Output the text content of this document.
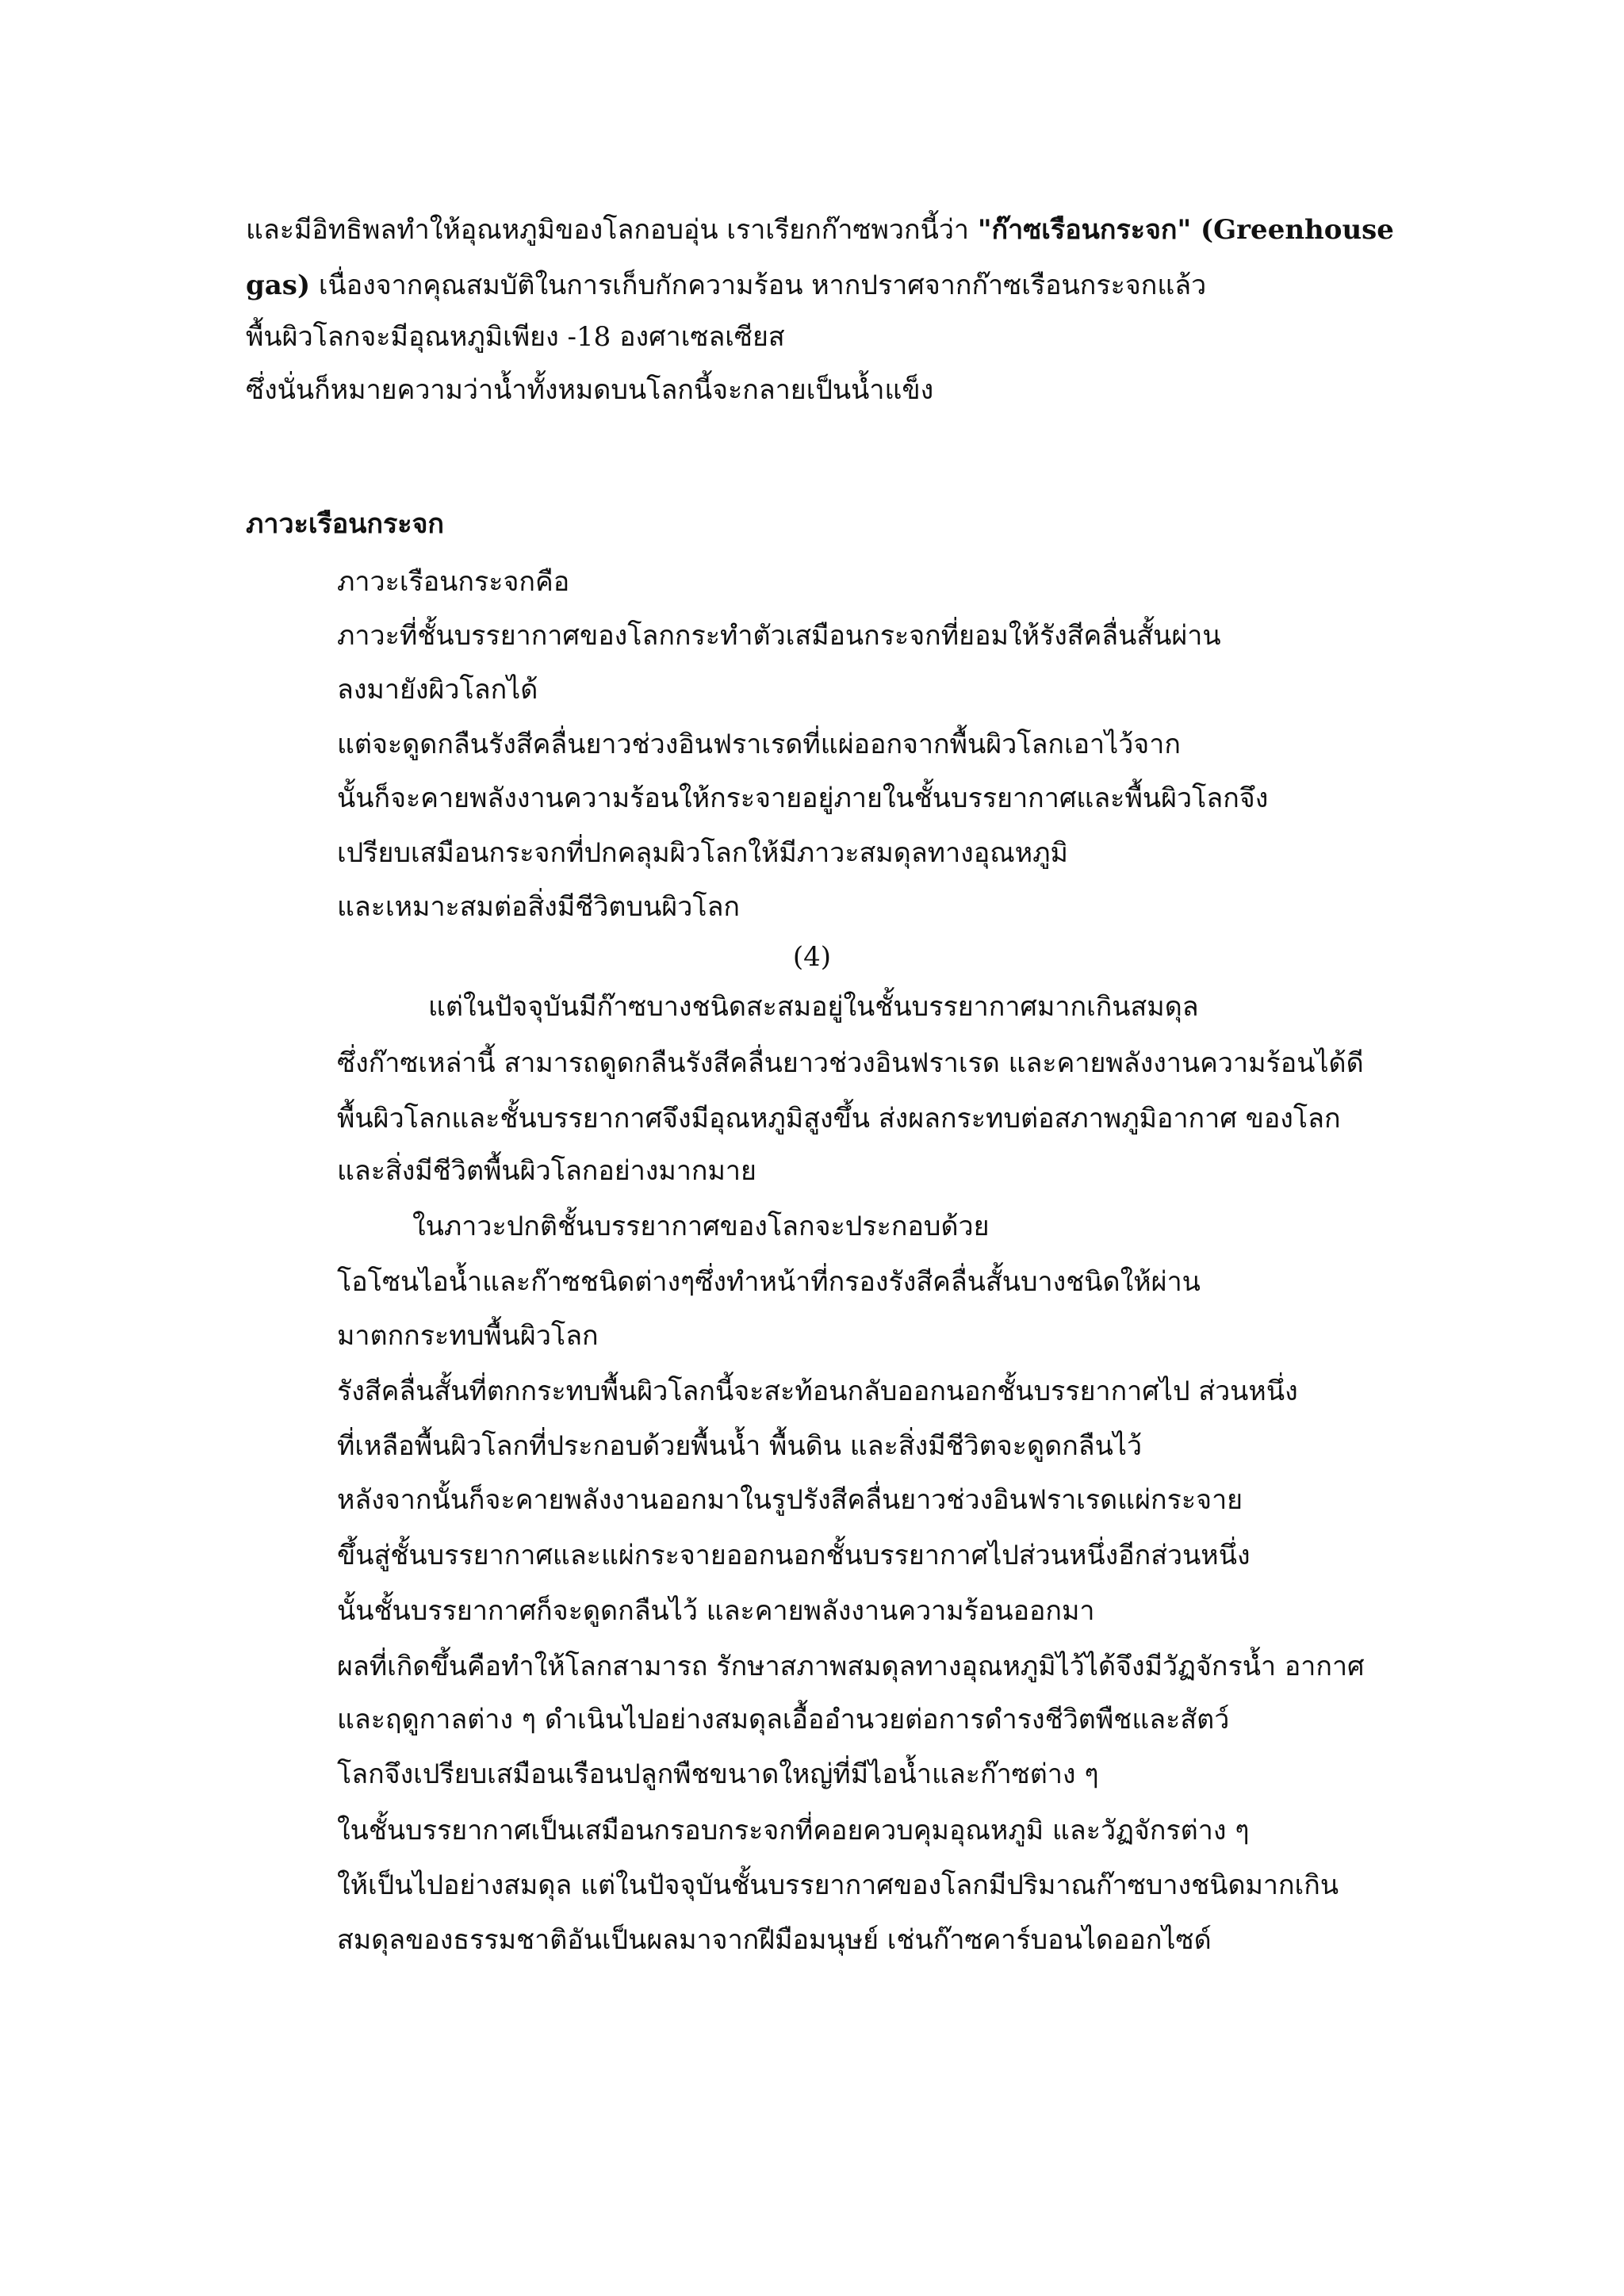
และมีอิทธิพลทำให้อุณหภูมิของโลกอบอุ่น เราเรียกก๊าซพวกนี้ว่า "ก๊าซเรือนกระจก" (Greenhouse
gas) เนื่องจากคุณสมบัติในการเก็บกักความร้อน หากปราศจากก๊าซเรือนกระจกแล้ว
พื้นผิวโลกจะมีอุณหภูมิเพียง -18 องศาเซลเซียส
ซึ่งนั่นก็หมายความว่าน้ำทั้งหมดบนโลกนี้จะกลายเป็นน้ำแข็ง
ภาวะเรือนกระจก
ภาวะเรือนกระจกคือ
ภาวะที่ชั้นบรรยากาศของโลกกระทำตัวเสมือนกระจกที่ยอมให้รังสีคลื่นสั้นผ่าน
ลงมายังผิวโลกได้
แต่จะดูดกลืนรังสีคลื่นยาวช่วงอินฟราเรดที่แผ่ออกจากพื้นผิวโลกเอาไว้จาก
นั้นก็จะคายพลังงานความร้อนให้กระจายอยู่ภายในชั้นบรรยากาศและพื้นผิวโลกจึง
เปรียบเสมือนกระจกที่ปกคลุมผิวโลกให้มีภาวะสมดุลทางอุณหภูมิ
และเหมาะสมต่อสิ่งมีชีวิตบนผิวโลก
(4)
แต่ในปัจจุบันมีก๊าซบางชนิดสะสมอยู่ในชั้นบรรยากาศมากเกินสมดุล
ซึ่งก๊าซเหล่านี้ สามารถดูดกลืนรังสีคลื่นยาวช่วงอินฟราเรด และคายพลังงานความร้อนได้ดี
พื้นผิวโลกและชั้นบรรยากาศจึงมีอุณหภูมิสูงขึ้น ส่งผลกระทบต่อสภาพภูมิอากาศ ของโลก
และสิ่งมีชีวิตพื้นผิวโลกอย่างมากมาย
ในภาวะปกติชั้นบรรยากาศของโลกจะประกอบด้วย
โอโซนไอน้ำและก๊าซชนิดต่างๆซึ่งทำหน้าที่กรองรังสีคลื่นสั้นบางชนิดให้ผ่าน
มาตกกระทบพื้นผิวโลก
รังสีคลื่นสั้นที่ตกกระทบพื้นผิวโลกนี้จะสะท้อนกลับออกนอกชั้นบรรยากาศไป ส่วนหนึ่ง
ที่เหลือพื้นผิวโลกที่ประกอบด้วยพื้นน้ำ พื้นดิน และสิ่งมีชีวิตจะดูดกลืนไว้
หลังจากนั้นก็จะคายพลังงานออกมาในรูปรังสีคลื่นยาวช่วงอินฟราเรดแผ่กระจาย
ขึ้นสู่ชั้นบรรยากาศและแผ่กระจายออกนอกชั้นบรรยากาศไปส่วนหนึ่งอีกส่วนหนึ่ง
นั้นชั้นบรรยากาศก็จะดูดกลืนไว้ และคายพลังงานความร้อนออกมา
ผลที่เกิดขึ้นคือทำให้โลกสามารถ รักษาสภาพสมดุลทางอุณหภูมิไว้ได้จึงมีวัฏจักรน้ำ อากาศ
และฤดูกาลต่าง ๆ ดำเนินไปอย่างสมดุลเอื้ออำนวยต่อการดำรงชีวิตพืชและสัตว์
โลกจึงเปรียบเสมือนเรือนปลูกพืชขนาดใหญ่ที่มีไอน้ำและก๊าซต่าง ๆ
ในชั้นบรรยากาศเป็นเสมือนกรอบกระจกที่คอยควบคุมอุณหภูมิ และวัฏจักรต่าง ๆ
ให้เป็นไปอย่างสมดุล แต่ในปัจจุบันชั้นบรรยากาศของโลกมีปริมาณก๊าซบางชนิดมากเกิน
สมดุลของธรรมชาติอันเป็นผลมาจากฝีมือมนุษย์ เช่นก๊าซคาร์บอนไดออกไซด์
